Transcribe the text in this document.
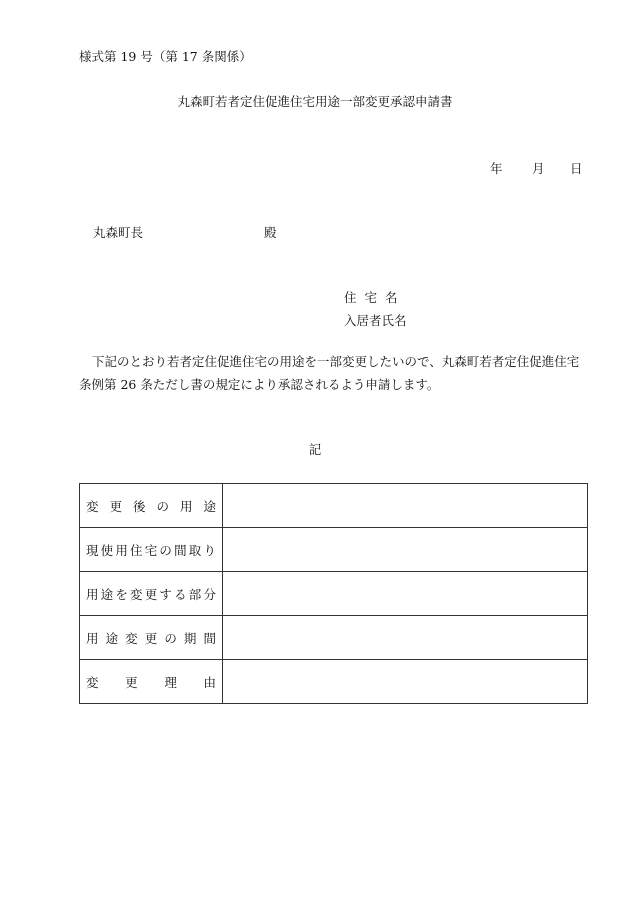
様式第 19 号（第 17 条関係）
丸森町若者定住促進住宅用途一部変更承認申請書
年 月 日
丸森町長	殿
住 宅 名
入居者氏名
下記のとおり若者定住促進住宅の用途を一部変更したいので、丸森町若者定住促進住宅条例第 26 条ただし書の規定により承認されるよう申請します。
記
変更後の用途	
現使用住宅の間取り	
用途を変更する部分	
用途変更の期間	
変更理由	
